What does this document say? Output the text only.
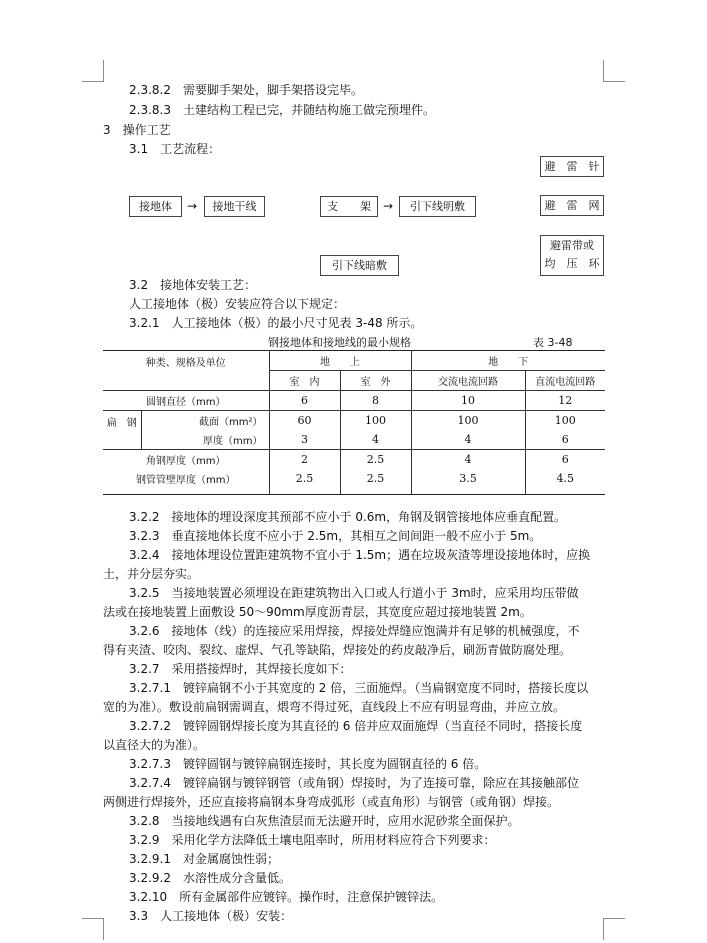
2.3.8.2　需要脚手架处，脚手架搭设完毕。
2.3.8.3　土建结构工程已完，并随结构施工做完预埋件。
3　操作工艺
3.1　工艺流程：
接地体	→	接地干线	支　　架	→	引下线明敷
引下线暗敷
避　雷　针
避　雷　网
避雷带或
均　压　环
3.2　接地体安装工艺：
人工接地体（极）安装应符合以下规定：
3.2.1　人工接地体（极）的最小尺寸见表 3-48 所示。
钢接地体和接地线的最小规格	表 3-48
种类、规格及单位		地　　上		地　　下	
		室　内	室　外	交流电流回路	直流电流回路
圆钢直径（mm）		6	8	10	12
扁　钢	截面（mm²）	60	100	100	100
	厚度（mm）	3	4	4	6
角钢厚度（mm）		2	2.5	4	6
钢管管壁厚度（mm）		2.5	2.5	3.5	4.5
3.2.2　接地体的埋设深度其预部不应小于 0.6m，角钢及钢管接地体应垂直配置。
3.2.3　垂直接地体长度不应小于 2.5m，其相互之间间距一般不应小于 5m。
3.2.4　接地体埋设位置距建筑物不宜小于 1.5m；遇在垃圾灰渣等埋设接地体时，应换
土，并分层夯实。
3.2.5　当接地装置必须埋设在距建筑物出入口或人行道小于 3m时，应采用均压带做
法或在接地装置上面敷设 50～90mm厚度沥青层，其宽度应超过接地装置 2m。
3.2.6　接地体（线）的连接应采用焊接，焊接处焊缝应饱满并有足够的机械强度，不
得有夹渣、咬肉、裂纹、虚焊、气孔等缺陷，焊接处的药皮敲净后，刷沥青做防腐处理。
3.2.7　采用搭接焊时，其焊接长度如下：
3.2.7.1　镀锌扁钢不小于其宽度的 2 倍，三面施焊。（当扁钢宽度不同时，搭接长度以
宽的为准）。敷设前扁钢需调直，煨弯不得过死，直线段上不应有明显弯曲，并应立放。
3.2.7.2　镀锌圆钢焊接长度为其直径的 6 倍并应双面施焊（当直径不同时，搭接长度
以直径大的为准）。
3.2.7.3　镀锌圆钢与镀锌扁钢连接时，其长度为圆钢直径的 6 倍。
3.2.7.4　镀锌扁钢与镀锌钢管（或角钢）焊接时，为了连接可靠，除应在其接触部位
两侧进行焊接外，还应直接将扁钢本身弯成弧形（或直角形）与钢管（或角钢）焊接。
3.2.8　当接地线遇有白灰焦渣层而无法避开时，应用水泥砂浆全面保护。
3.2.9　采用化学方法降低土壤电阻率时，所用材料应符合下列要求：
3.2.9.1　对金属腐蚀性弱；
3.2.9.2　水溶性成分含量低。
3.2.10　所有金属部件应镀锌。操作时，注意保护镀锌法。
3.3　人工接地体（极）安装：
